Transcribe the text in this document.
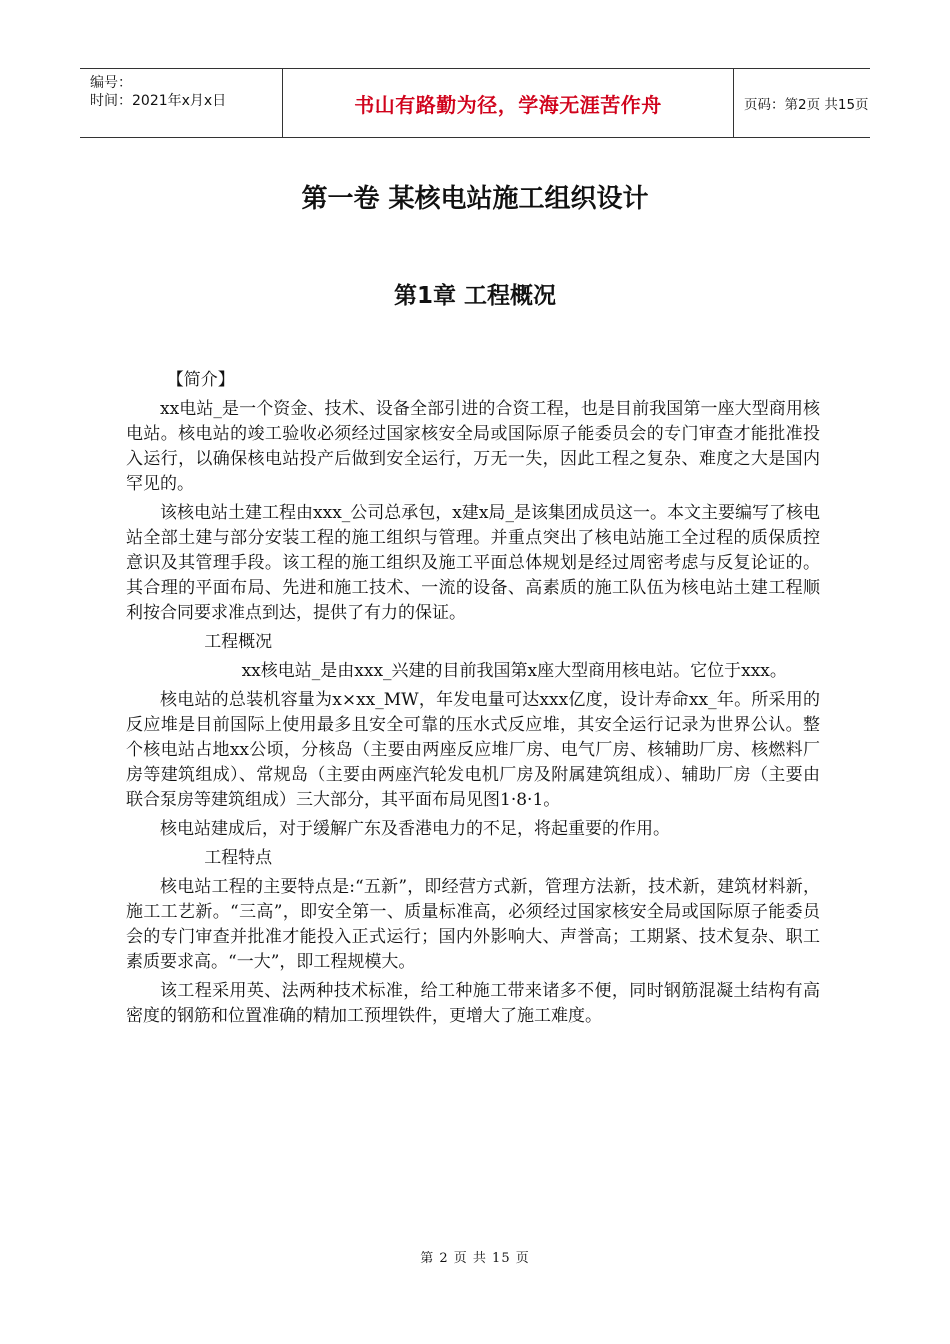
编号：
时间：2021年x月x日	书山有路勤为径，学海无涯苦作舟	页码：第2页 共15页
第一卷 某核电站施工组织设计
第1章 工程概况

【简介】

xx电站_是一个资金、技术、设备全部引进的合资工程，也是目前我国第一座大型商用核电站。核电站的竣工验收必须经过国家核安全局或国际原子能委员会的专门审查才能批准投入运行，以确保核电站投产后做到安全运行，万无一失，因此工程之复杂、难度之大是国内罕见的。

该核电站土建工程由xxx_公司总承包，x建x局_是该集团成员这一。本文主要编写了核电站全部土建与部分安装工程的施工组织与管理。并重点突出了核电站施工全过程的质保质控意识及其管理手段。该工程的施工组织及施工平面总体规划是经过周密考虑与反复论证的。其合理的平面布局、先进和施工技术、一流的设备、高素质的施工队伍为核电站土建工程顺利按合同要求准点到达，提供了有力的保证。

工程概况

xx核电站_是由xxx_兴建的目前我国第x座大型商用核电站。它位于xxx。

核电站的总装机容量为x×xx_MW，年发电量可达xxx亿度，设计寿命xx_年。所采用的反应堆是目前国际上使用最多且安全可靠的压水式反应堆，其安全运行记录为世界公认。整个核电站占地xx公顷，分核岛（主要由两座反应堆厂房、电气厂房、核辅助厂房、核燃料厂房等建筑组成）、常规岛（主要由两座汽轮发电机厂房及附属建筑组成）、辅助厂房（主要由联合泵房等建筑组成）三大部分，其平面布局见图1·8·1。

核电站建成后，对于缓解广东及香港电力的不足，将起重要的作用。

工程特点

核电站工程的主要特点是:“五新”，即经营方式新，管理方法新，技术新，建筑材料新，施工工艺新。“三高”，即安全第一、质量标准高，必须经过国家核安全局或国际原子能委员会的专门审查并批准才能投入正式运行；国内外影响大、声誉高；工期紧、技术复杂、职工素质要求高。“一大”，即工程规模大。

该工程采用英、法两种技术标准，给工种施工带来诸多不便，同时钢筋混凝土结构有高密度的钢筋和位置准确的精加工预埋铁件，更增大了施工难度。

第 2 页 共 15 页
